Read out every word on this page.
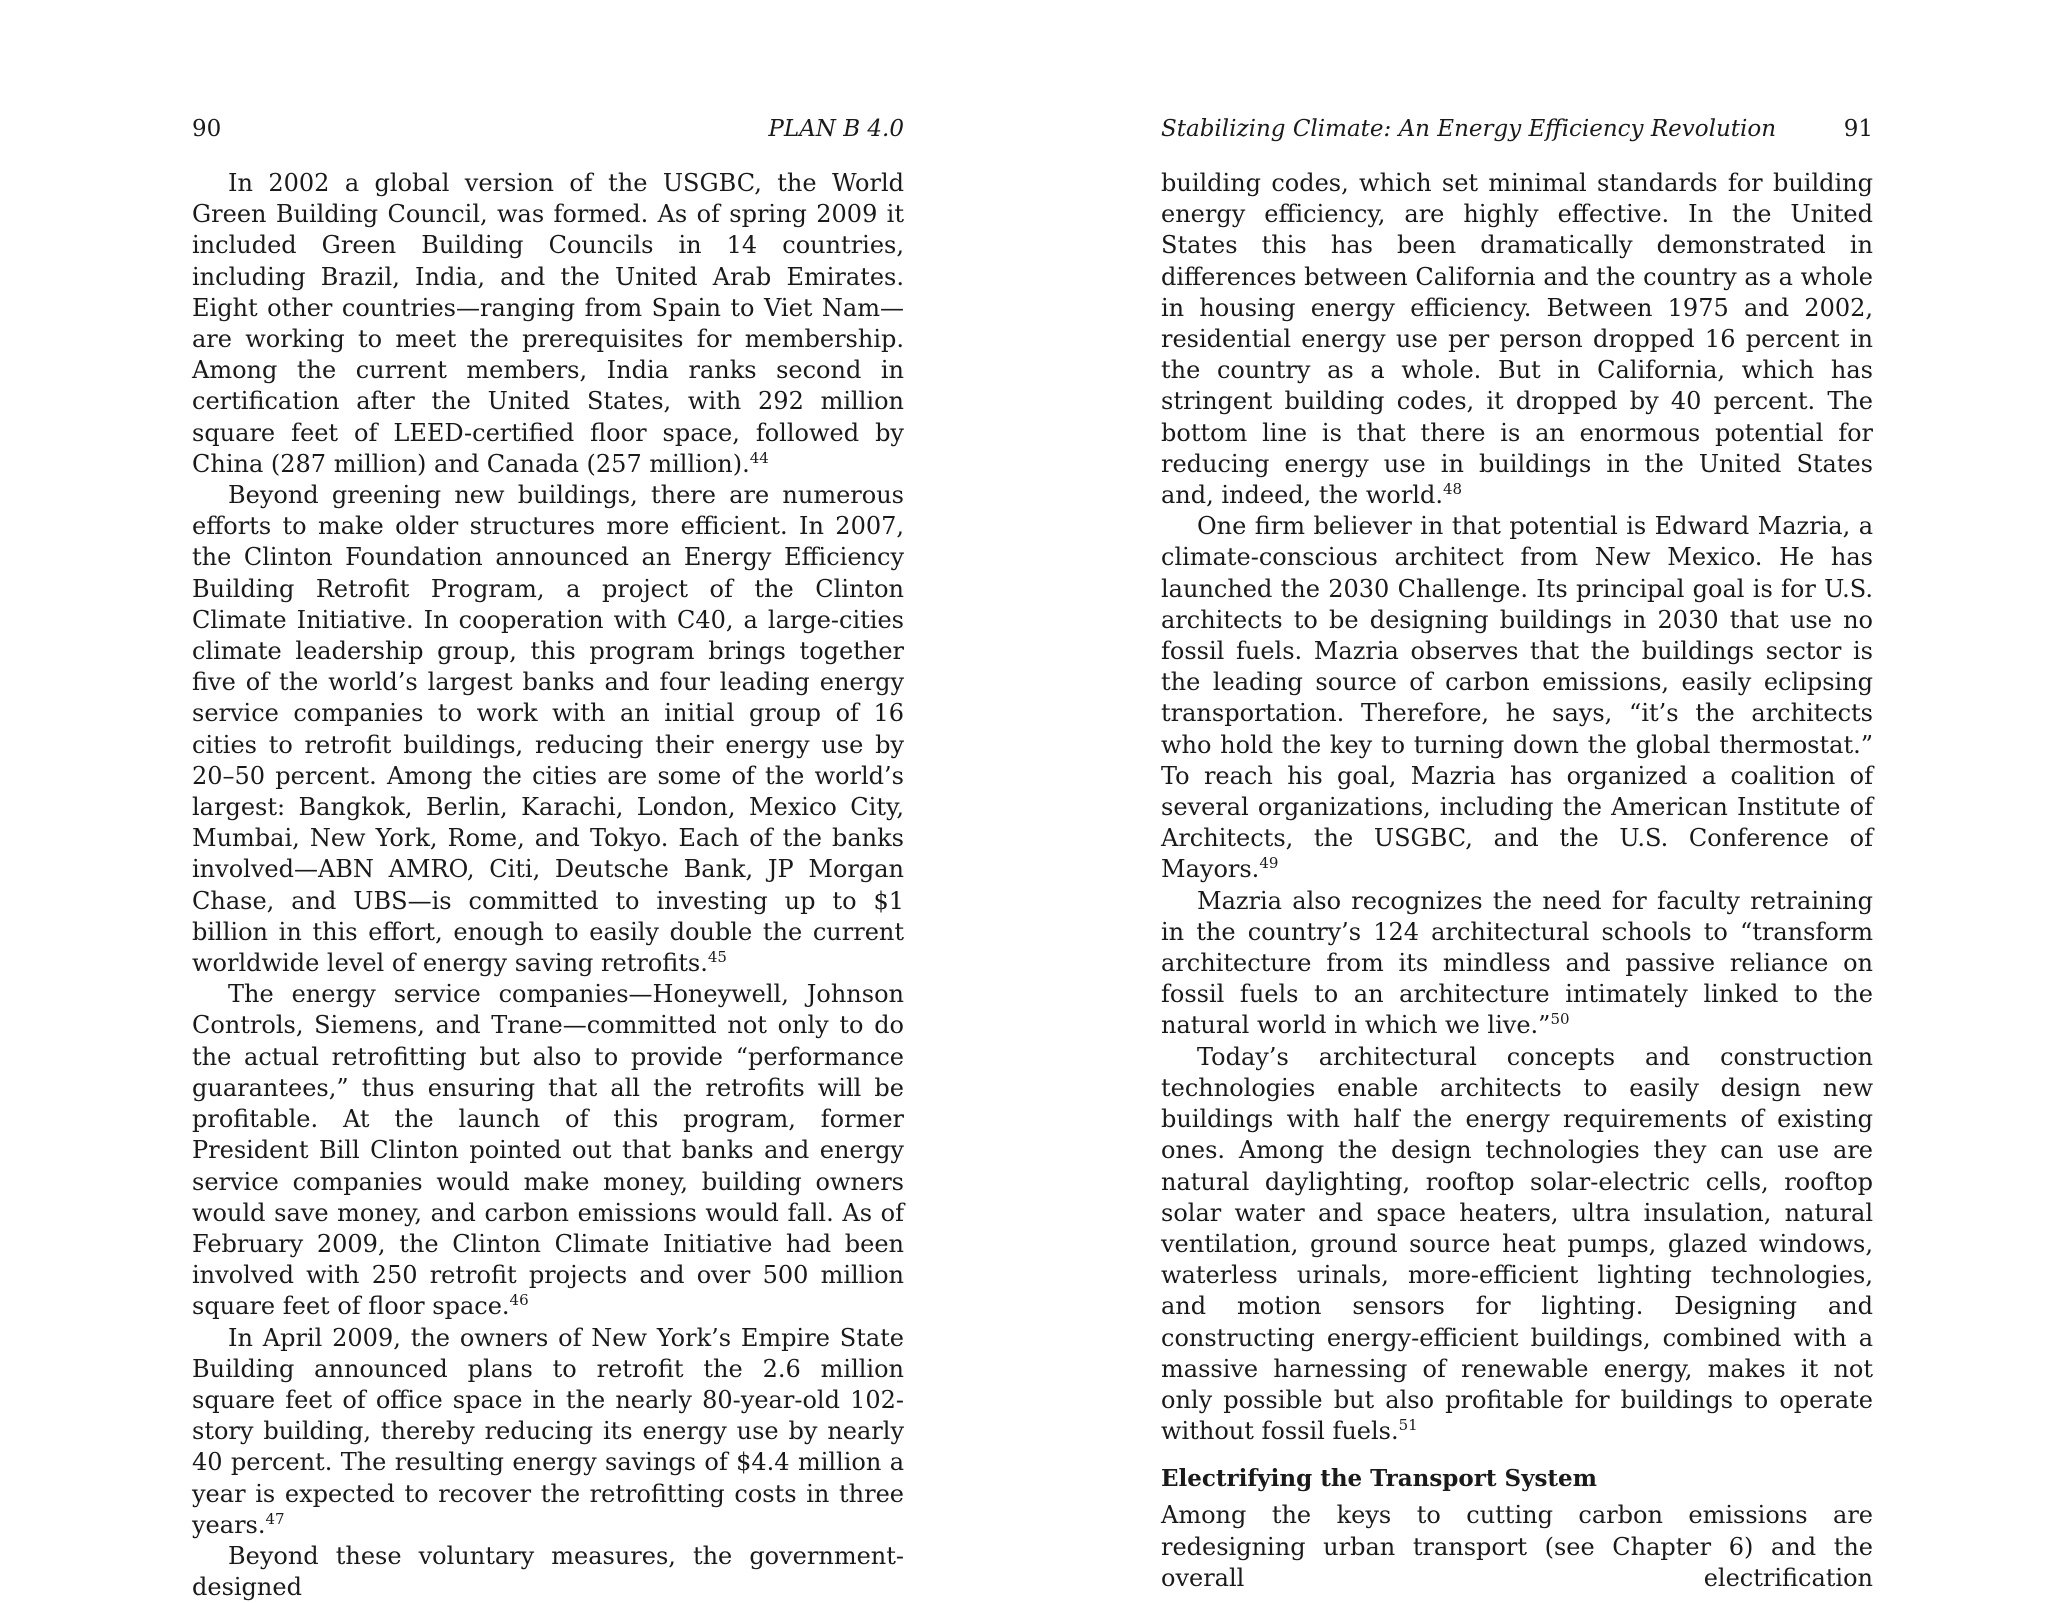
90	PLAN B 4.0

In 2002 a global version of the USGBC, the World Green Building Council, was formed. As of spring 2009 it included Green Building Councils in 14 countries, including Brazil, India, and the United Arab Emirates. Eight other countries—ranging from Spain to Viet Nam—are working to meet the prerequisites for membership. Among the current members, India ranks second in certification after the United States, with 292 million square feet of LEED-certified floor space, followed by China (287 million) and Canada (257 million).$^{44}$

Beyond greening new buildings, there are numerous efforts to make older structures more efficient. In 2007, the Clinton Foundation announced an Energy Efficiency Building Retrofit Program, a project of the Clinton Climate Initiative. In cooperation with C40, a large-cities climate leadership group, this program brings together five of the world’s largest banks and four leading energy service companies to work with an initial group of 16 cities to retrofit buildings, reducing their energy use by 20–50 percent. Among the cities are some of the world’s largest: Bangkok, Berlin, Karachi, London, Mexico City, Mumbai, New York, Rome, and Tokyo. Each of the banks involved—ABN AMRO, Citi, Deutsche Bank, JP Morgan Chase, and UBS—is committed to investing up to $1 billion in this effort, enough to easily double the current worldwide level of energy saving retrofits.$^{45}$

The energy service companies—Honeywell, Johnson Controls, Siemens, and Trane—committed not only to do the actual retrofitting but also to provide “performance guarantees,” thus ensuring that all the retrofits will be profitable. At the launch of this program, former President Bill Clinton pointed out that banks and energy service companies would make money, building owners would save money, and carbon emissions would fall. As of February 2009, the Clinton Climate Initiative had been involved with 250 retrofit projects and over 500 million square feet of floor space.$^{46}$

In April 2009, the owners of New York’s Empire State Building announced plans to retrofit the 2.6 million square feet of office space in the nearly 80-year-old 102-story building, thereby reducing its energy use by nearly 40 percent. The resulting energy savings of $4.4 million a year is expected to recover the retrofitting costs in three years.$^{47}$

Beyond these voluntary measures, the government-designed

Stabilizing Climate: An Energy Efficiency Revolution	91

building codes, which set minimal standards for building energy efficiency, are highly effective. In the United States this has been dramatically demonstrated in differences between California and the country as a whole in housing energy efficiency. Between 1975 and 2002, residential energy use per person dropped 16 percent in the country as a whole. But in California, which has stringent building codes, it dropped by 40 percent. The bottom line is that there is an enormous potential for reducing energy use in buildings in the United States and, indeed, the world.$^{48}$

One firm believer in that potential is Edward Mazria, a climate-conscious architect from New Mexico. He has launched the 2030 Challenge. Its principal goal is for U.S. architects to be designing buildings in 2030 that use no fossil fuels. Mazria observes that the buildings sector is the leading source of carbon emissions, easily eclipsing transportation. Therefore, he says, “it’s the architects who hold the key to turning down the global thermostat.” To reach his goal, Mazria has organized a coalition of several organizations, including the American Institute of Architects, the USGBC, and the U.S. Conference of Mayors.$^{49}$

Mazria also recognizes the need for faculty retraining in the country’s 124 architectural schools to “transform architecture from its mindless and passive reliance on fossil fuels to an architecture intimately linked to the natural world in which we live.”$^{50}$

Today’s architectural concepts and construction technologies enable architects to easily design new buildings with half the energy requirements of existing ones. Among the design technologies they can use are natural daylighting, rooftop solar-electric cells, rooftop solar water and space heaters, ultra insulation, natural ventilation, ground source heat pumps, glazed windows, waterless urinals, more-efficient lighting technologies, and motion sensors for lighting. Designing and constructing energy-efficient buildings, combined with a massive harnessing of renewable energy, makes it not only possible but also profitable for buildings to operate without fossil fuels.$^{51}$

Electrifying the Transport System

Among the keys to cutting carbon emissions are redesigning urban transport (see Chapter 6) and the overall electrification
